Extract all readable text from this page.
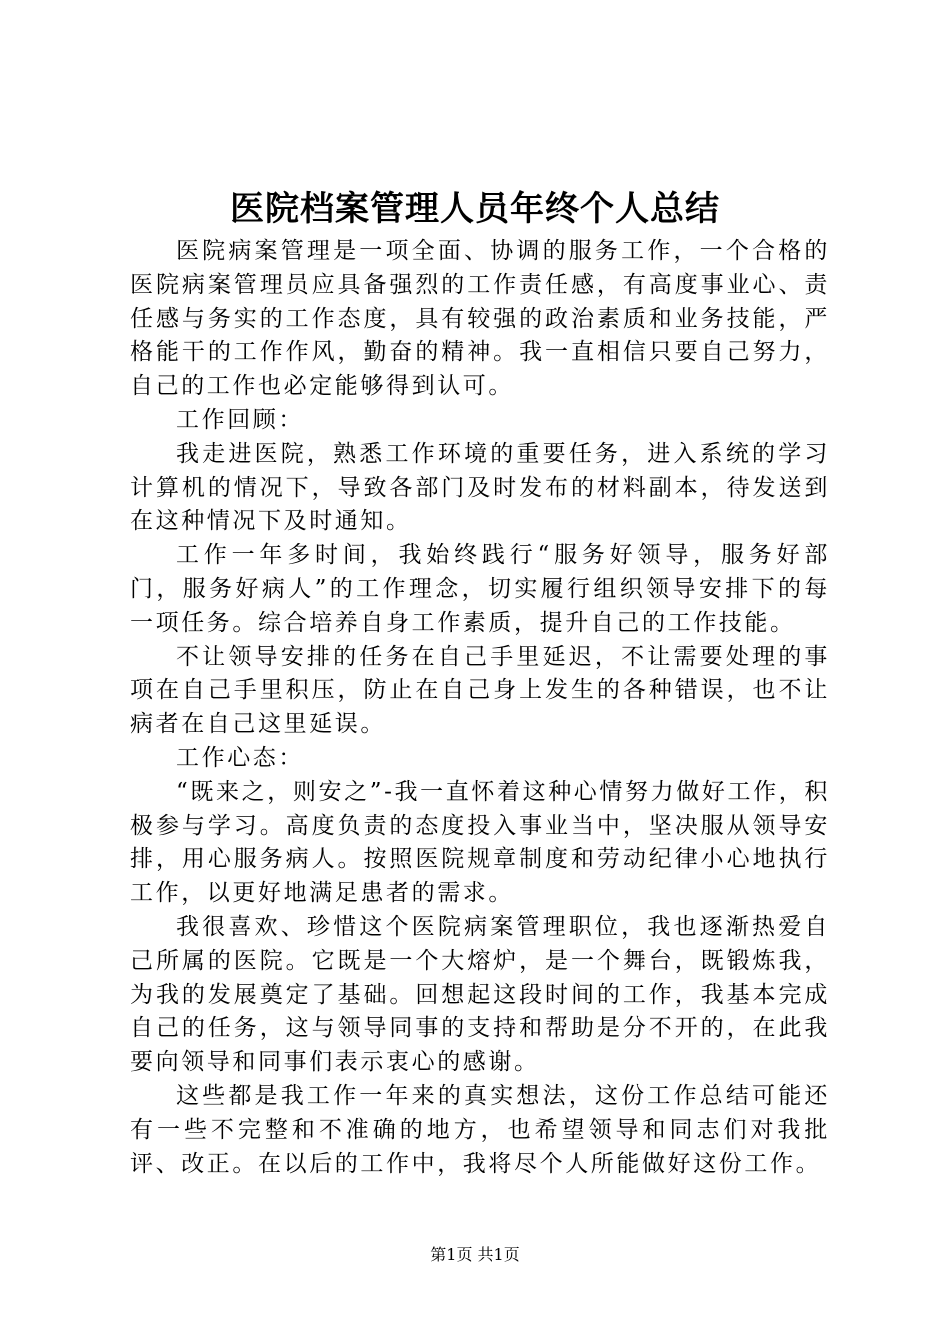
医院档案管理人员年终个人总结

医院病案管理是一项全面、协调的服务工作，一个合格的医院病案管理员应具备强烈的工作责任感，有高度事业心、责任感与务实的工作态度，具有较强的政治素质和业务技能，严格能干的工作作风，勤奋的精神。我一直相信只要自己努力，自己的工作也必定能够得到认可。

工作回顾：

我走进医院，熟悉工作环境的重要任务，进入系统的学习计算机的情况下，导致各部门及时发布的材料副本，待发送到在这种情况下及时通知。

工作一年多时间，我始终践行“服务好领导，服务好部门，服务好病人”的工作理念，切实履行组织领导安排下的每一项任务。综合培养自身工作素质，提升自己的工作技能。

不让领导安排的任务在自己手里延迟，不让需要处理的事项在自己手里积压，防止在自己身上发生的各种错误，也不让病者在自己这里延误。

工作心态：

“既来之，则安之”-我一直怀着这种心情努力做好工作，积极参与学习。高度负责的态度投入事业当中，坚决服从领导安排，用心服务病人。按照医院规章制度和劳动纪律小心地执行工作，以更好地满足患者的需求。

我很喜欢、珍惜这个医院病案管理职位，我也逐渐热爱自己所属的医院。它既是一个大熔炉，是一个舞台，既锻炼我，为我的发展奠定了基础。回想起这段时间的工作，我基本完成自己的任务，这与领导同事的支持和帮助是分不开的，在此我要向领导和同事们表示衷心的感谢。

这些都是我工作一年来的真实想法，这份工作总结可能还有一些不完整和不准确的地方，也希望领导和同志们对我批评、改正。在以后的工作中，我将尽个人所能做好这份工作。

第1页 共1页
